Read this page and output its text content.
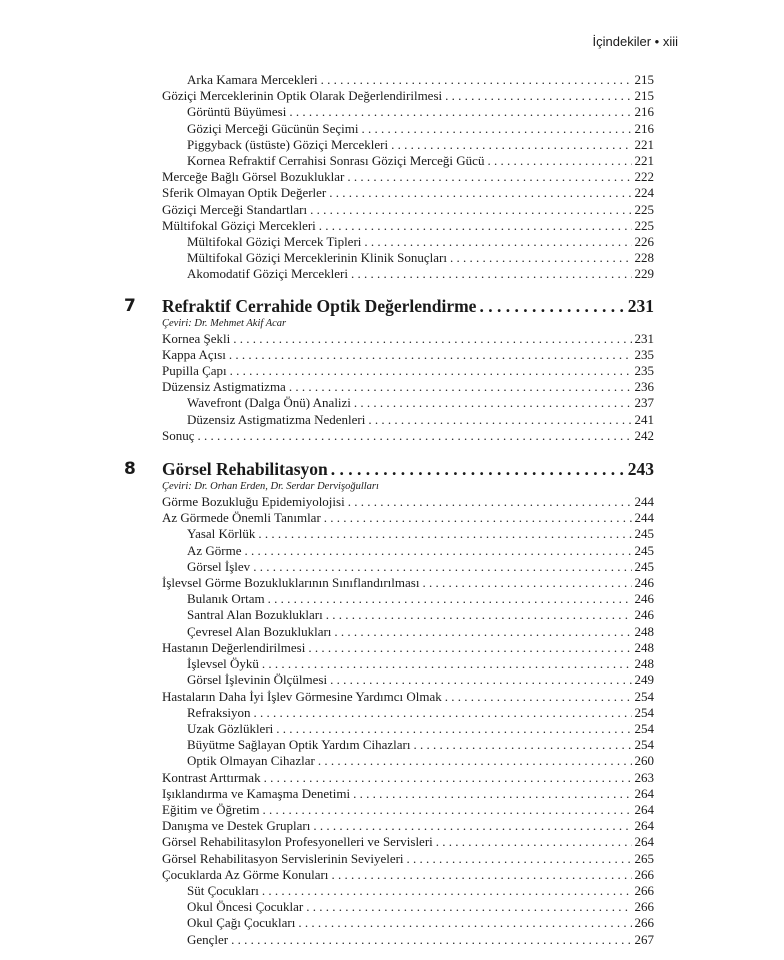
İçindekiler • xiii
Arka Kamara Mercekleri . . .	215
Göziçi Merceklerinin Optik Olarak Değerlendirilmesi . . .	215
Görüntü Büyümesi . . .	216
Göziçi Merceği Gücünün Seçimi . . .	216
Piggyback (üstüste) Göziçi Mercekleri . . .	221
Kornea Refraktif Cerrahisi Sonrası Göziçi Merceği Gücü . . .	221
Merceğe Bağlı Görsel Bozukluklar . . .	222
Sferik Olmayan Optik Değerler . . .	224
Göziçi Merceği Standartları . . .	225
Mültifokal Göziçi Mercekleri . . .	225
Mültifokal Göziçi Mercek Tipleri . . .	226
Mültifokal Göziçi Merceklerinin Klinik Sonuçları . . .	228
Akomodatif Göziçi Mercekleri . . .	229
7 Refraktif Cerrahide Optik Değerlendirme . . .	231
Çeviri: Dr. Mehmet Akif Acar
Kornea Şekli . . .	231
Kappa Açısı . . .	235
Pupilla Çapı . . .	235
Düzensiz Astigmatizma . . .	236
Wavefront (Dalga Önü) Analizi . . .	237
Düzensiz Astigmatizma Nedenleri . . .	241
Sonuç . . .	242
8 Görsel Rehabilitasyon . . .	243
Çeviri: Dr. Orhan Erden, Dr. Serdar Dervişoğulları
Görme Bozukluğu Epidemiyolojisi . . .	244
Az Görmede Önemli Tanımlar . . .	244
Yasal Körlük . . .	245
Az Görme . . .	245
Görsel İşlev . . .	245
İşlevsel Görme Bozukluklarının Sınıflandırılması . . .	246
Bulanık Ortam . . .	246
Santral Alan Bozuklukları . . .	246
Çevresel Alan Bozuklukları . . .	248
Hastanın Değerlendirilmesi . . .	248
İşlevsel Öykü . . .	248
Görsel İşlevinin Ölçülmesi . . .	249
Hastaların Daha İyi İşlev Görmesine Yardımcı Olmak . . .	254
Refraksiyon . . .	254
Uzak Gözlükleri . . .	254
Büyütme Sağlayan Optik Yardım Cihazları . . .	254
Optik Olmayan Cihazlar . . .	260
Kontrast Arttırmak . . .	263
Işıklandırma ve Kamaşma Denetimi . . .	264
Eğitim ve Öğretim . . .	264
Danışma ve Destek Grupları . . .	264
Görsel Rehabilitasylon Profesyonelleri ve Servisleri . . .	264
Görsel Rehabilitasyon Servislerinin Seviyeleri . . .	265
Çocuklarda Az Görme Konuları . . .	266
Süt Çocukları . . .	266
Okul Öncesi Çocuklar . . .	266
Okul Çağı Çocukları . . .	266
Gençler . . .	267
